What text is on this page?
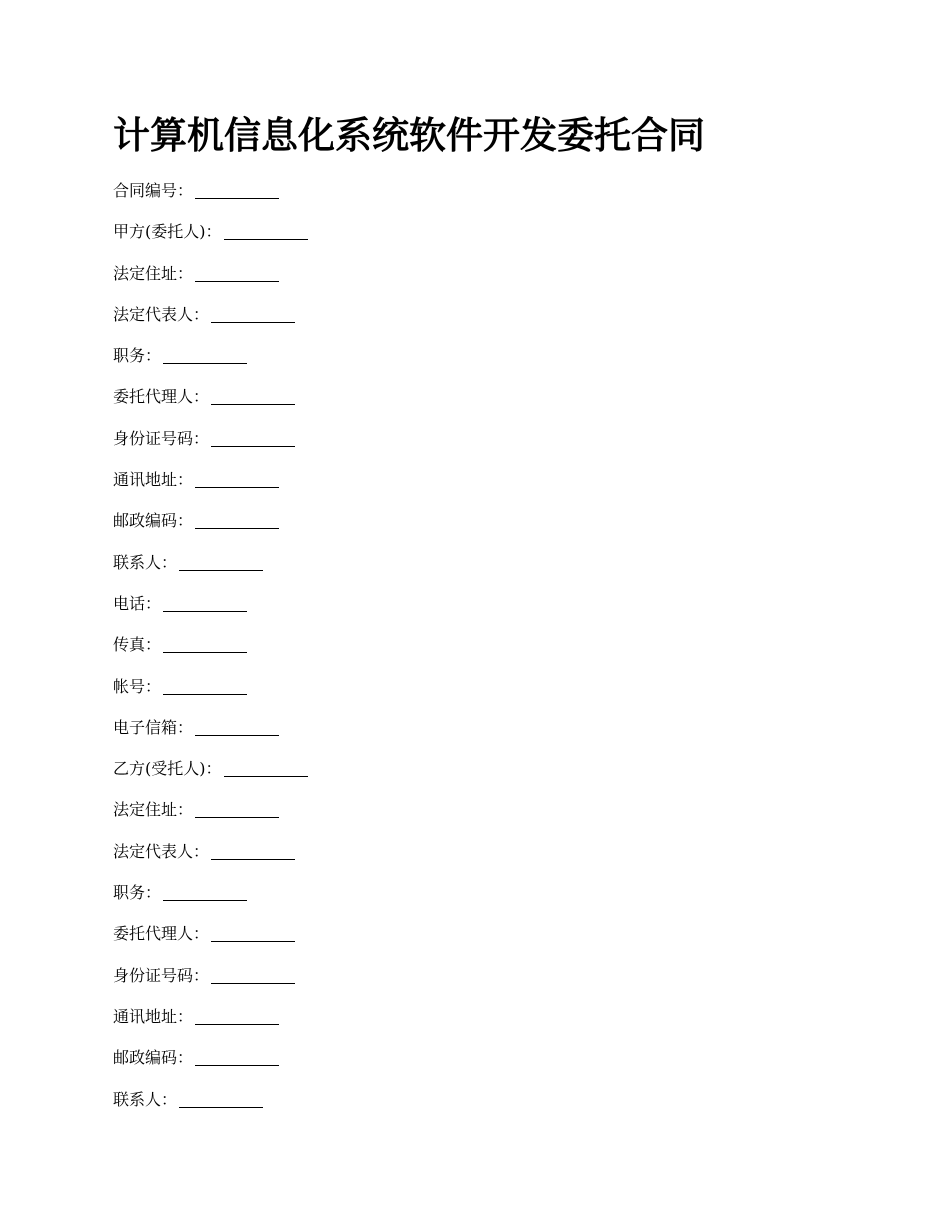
计算机信息化系统软件开发委托合同
合同编号：
甲方(委托人)：
法定住址：
法定代表人：
职务：
委托代理人：
身份证号码：
通讯地址：
邮政编码：
联系人：
电话：
传真：
帐号：
电子信箱：
乙方(受托人)：
法定住址：
法定代表人：
职务：
委托代理人：
身份证号码：
通讯地址：
邮政编码：
联系人：
